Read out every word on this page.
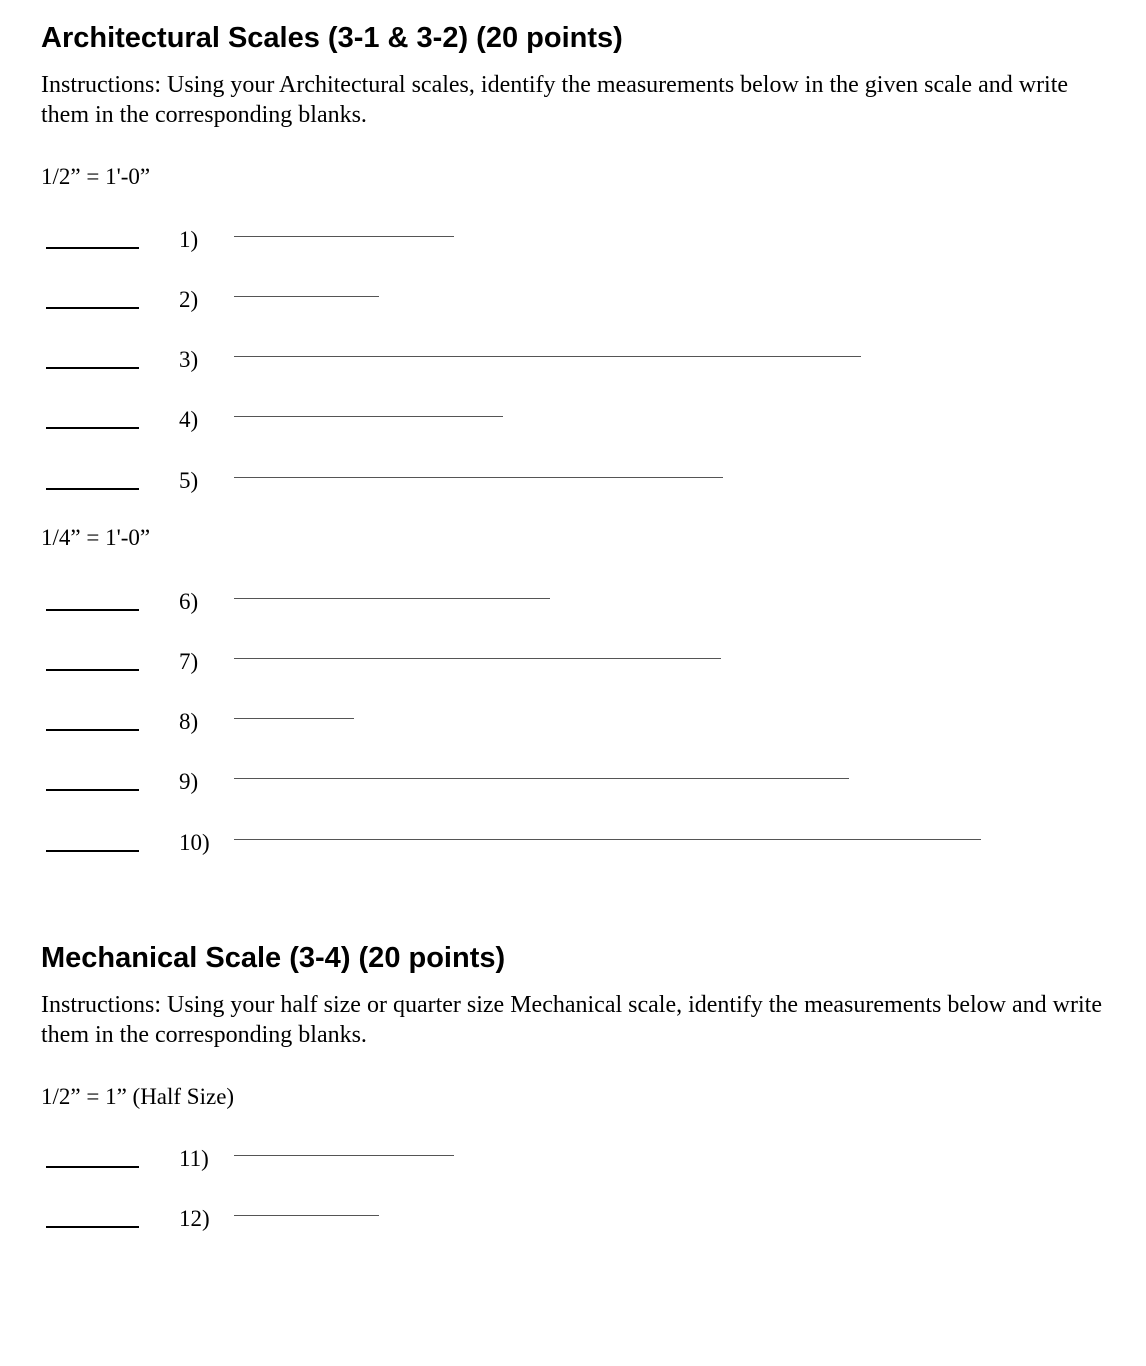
Architectural Scales (3-1 & 3-2) (20 points)
Instructions: Using your Architectural scales, identify the measurements below in the given scale and write them in the corresponding blanks.
1/2” = 1'-0”
1)
2)
3)
4)
5)
1/4” = 1'-0”
6)
7)
8)
9)
10)
Mechanical Scale (3-4) (20 points)
Instructions: Using your half size or quarter size Mechanical scale, identify the measurements below and write them in the corresponding blanks.
1/2” = 1” (Half Size)
11)
12)
